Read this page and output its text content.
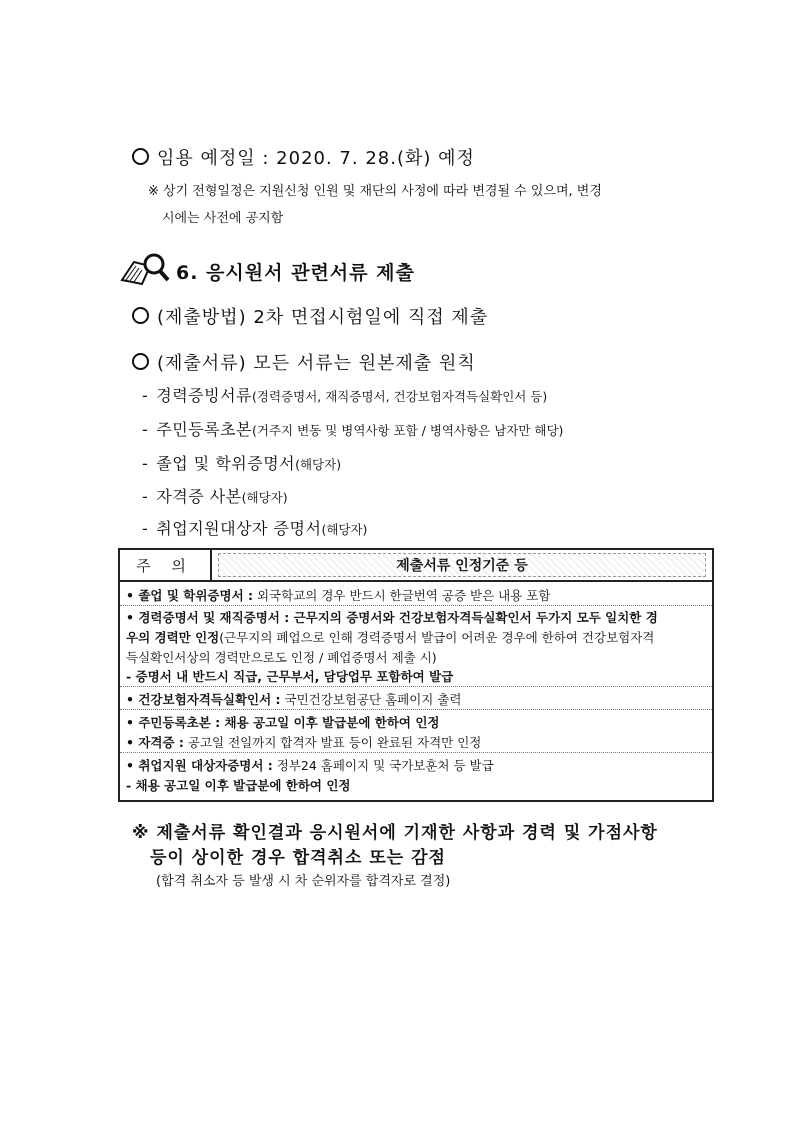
임용 예정일 : 2020. 7. 28.(화) 예정
※ 상기 전형일정은 지원신청 인원 및 재단의 사정에 따라 변경될 수 있으며, 변경
시에는 사전에 공지함
6. 응시원서 관련서류 제출
(제출방법) 2차 면접시험일에 직접 제출
(제출서류) 모든 서류는 원본제출 원칙
- 경력증빙서류(경력증명서, 재직증명서, 건강보험자격득실확인서 등)
- 주민등록초본(거주지 변동 및 병역사항 포함 / 병역사항은 남자만 해당)
- 졸업 및 학위증명서(해당자)
- 자격증 사본(해당자)
- 취업지원대상자 증명서(해당자)
주 의	제출서류 인정기준 등
• 졸업 및 학위증명서 : 외국학교의 경우 반드시 한글번역 공증 받은 내용 포함
• 경력증명서 및 재직증명서 : 근무지의 증명서와 건강보험자격득실확인서 두가지 모두 일치한 경
우의 경력만 인정(근무지의 폐업으로 인해 경력증명서 발급이 어려운 경우에 한하여 건강보험자격
득실확인서상의 경력만으로도 인정 / 폐업증명서 제출 시)
- 증명서 내 반드시 직급, 근무부서, 담당업무 포함하여 발급
• 건강보험자격득실확인서 : 국민건강보험공단 홈페이지 출력
• 주민등록초본 : 채용 공고일 이후 발급분에 한하여 인정
• 자격증 : 공고일 전일까지 합격자 발표 등이 완료된 자격만 인정
• 취업지원 대상자증명서 : 정부24 홈페이지 및 국가보훈처 등 발급
- 채용 공고일 이후 발급분에 한하여 인정
※ 제출서류 확인결과 응시원서에 기재한 사항과 경력 및 가점사항
등이 상이한 경우 합격취소 또는 감점
(합격 취소자 등 발생 시 차 순위자를 합격자로 결정)
